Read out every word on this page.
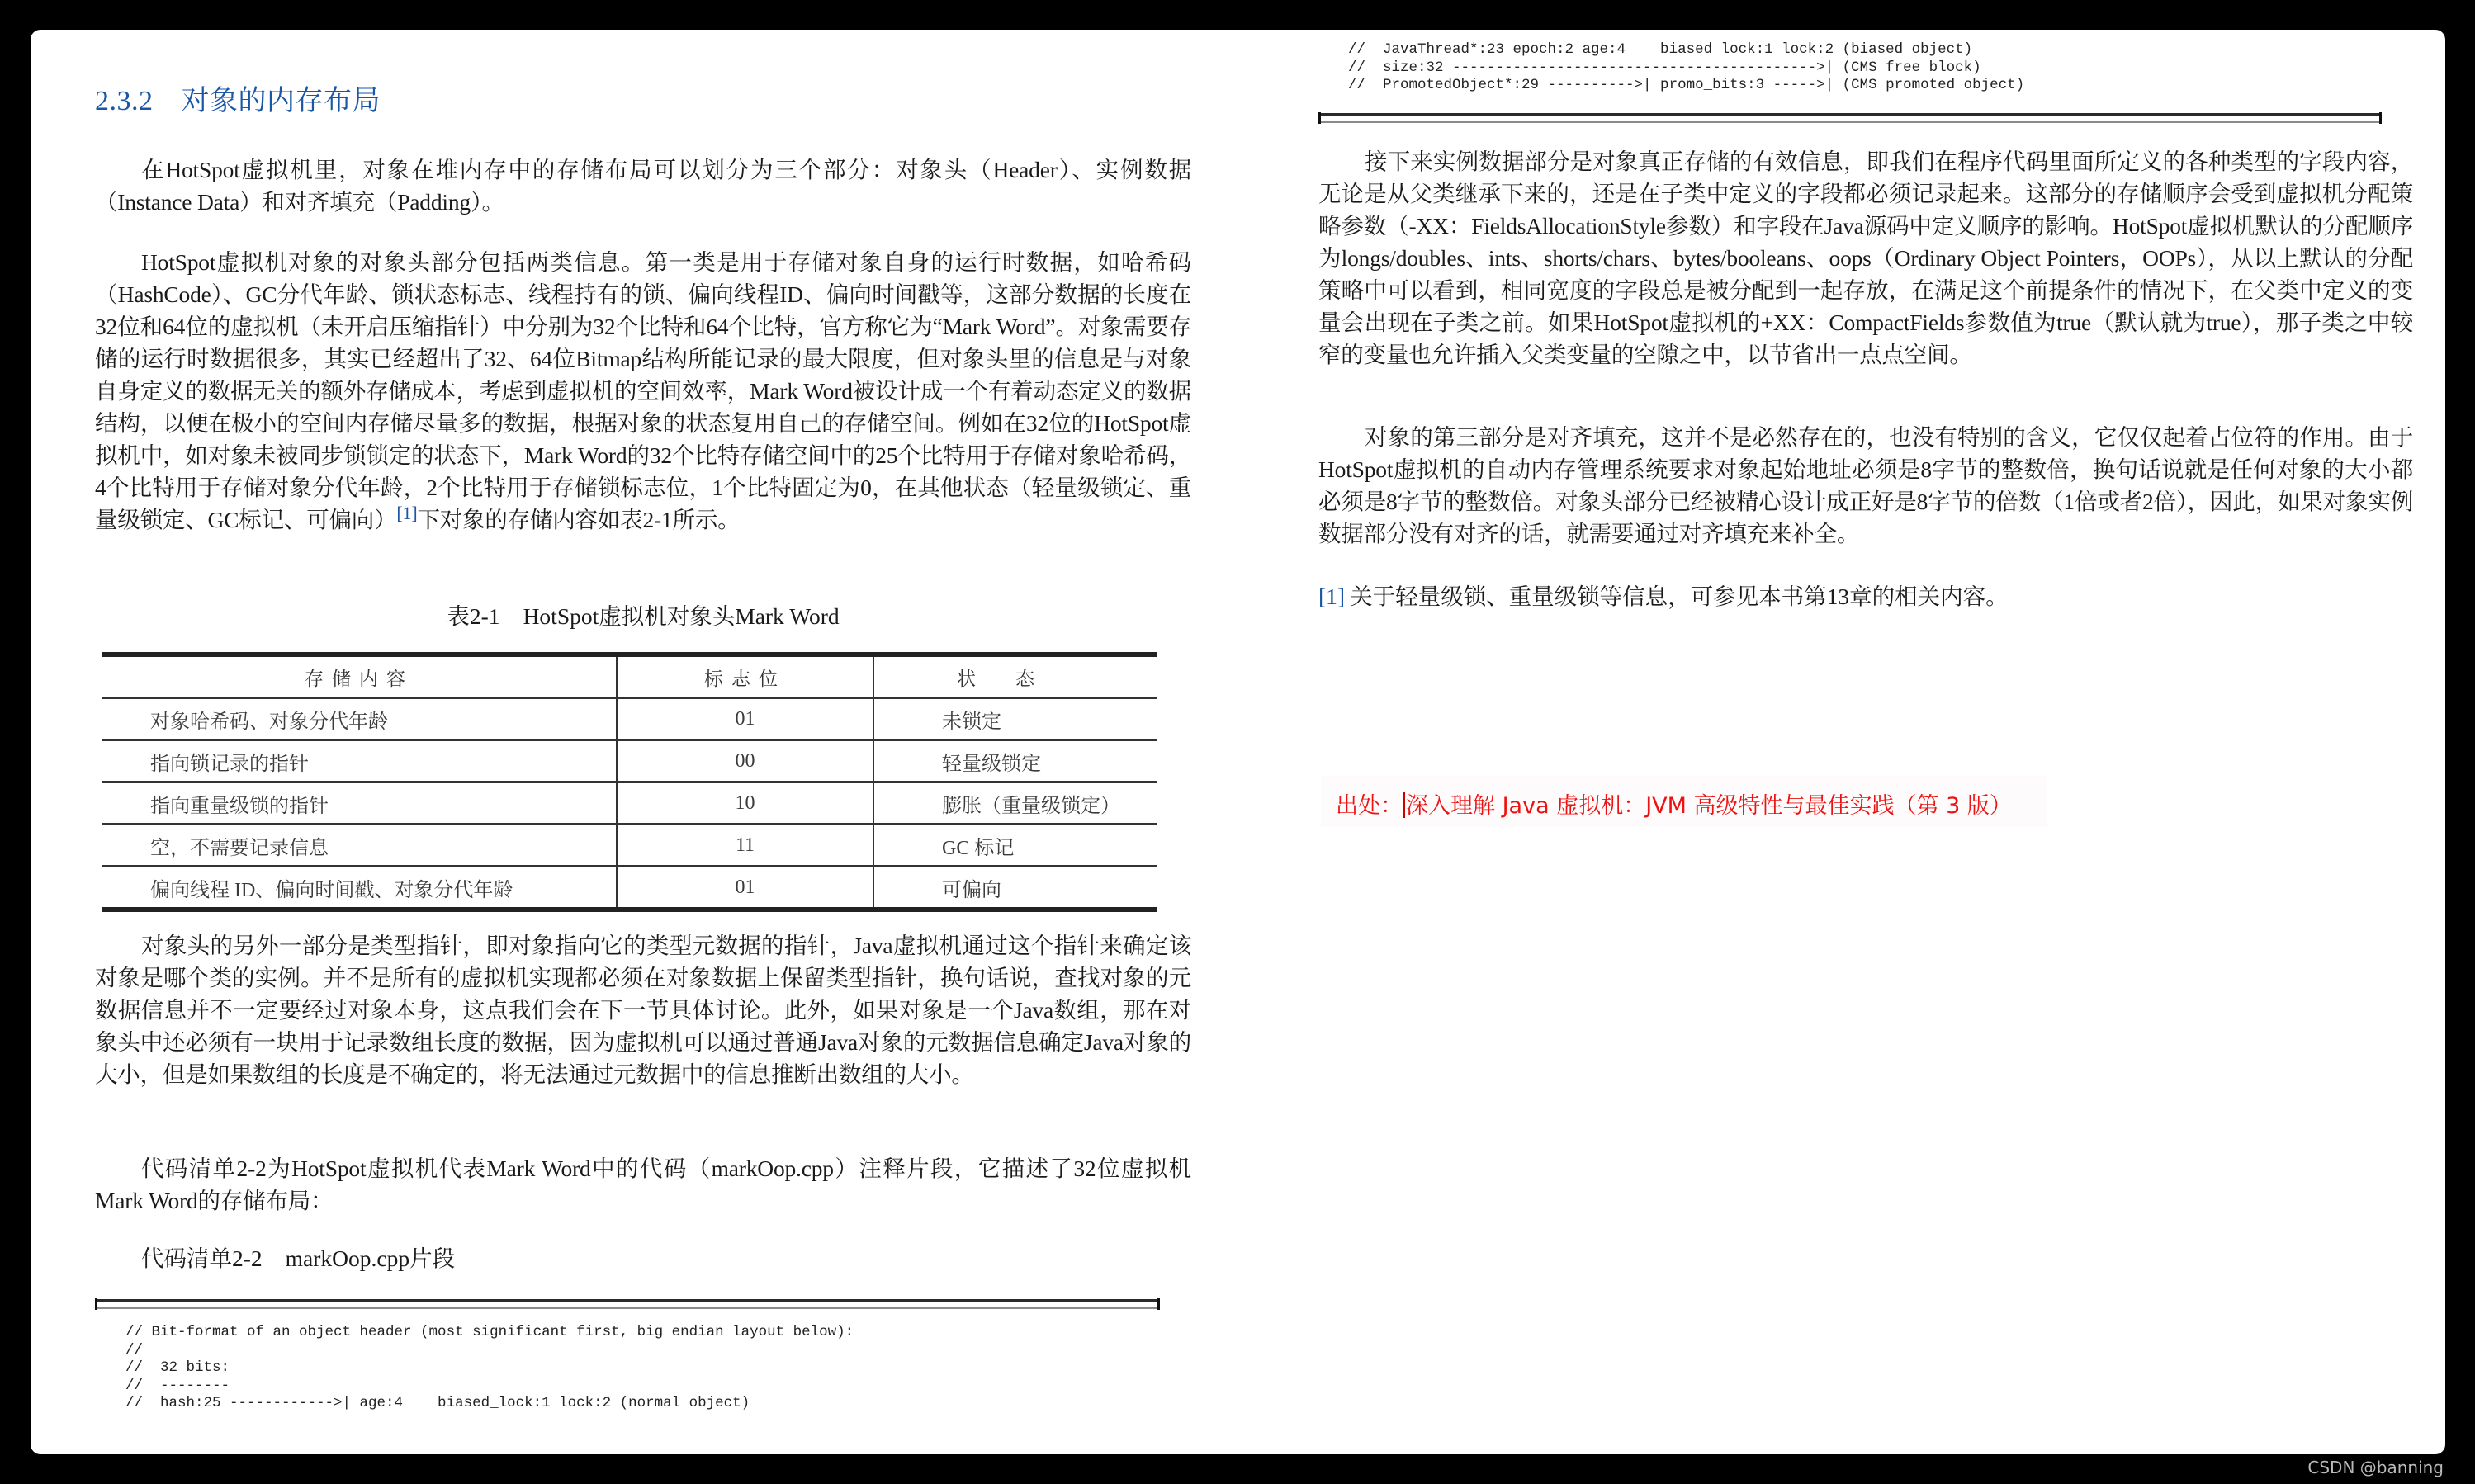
2.3.2 对象的内存布局

在HotSpot虚拟机里，对象在堆内存中的存储布局可以划分为三个部分：对象头（Header）、实例数据（Instance Data）和对齐填充（Padding）。

HotSpot虚拟机对象的对象头部分包括两类信息。第一类是用于存储对象自身的运行时数据，如哈希码（HashCode）、GC分代年龄、锁状态标志、线程持有的锁、偏向线程ID、偏向时间戳等，这部分数据的长度在32位和64位的虚拟机（未开启压缩指针）中分别为32个比特和64个比特，官方称它为“Mark Word”。对象需要存储的运行时数据很多，其实已经超出了32、64位Bitmap结构所能记录的最大限度，但对象头里的信息是与对象自身定义的数据无关的额外存储成本，考虑到虚拟机的空间效率，Mark Word被设计成一个有着动态定义的数据结构，以便在极小的空间内存储尽量多的数据，根据对象的状态复用自己的存储空间。例如在32位的HotSpot虚拟机中，如对象未被同步锁锁定的状态下，Mark Word的32个比特存储空间中的25个比特用于存储对象哈希码，4个比特用于存储对象分代年龄，2个比特用于存储锁标志位，1个比特固定为0，在其他状态（轻量级锁定、重量级锁定、GC标记、可偏向）[1]下对象的存储内容如表2-1所示。

表2-1 HotSpot虚拟机对象头Mark Word

存储内容	标志位	状态
对象哈希码、对象分代年龄	01	未锁定
指向锁记录的指针	00	轻量级锁定
指向重量级锁的指针	10	膨胀（重量级锁定）
空，不需要记录信息	11	GC 标记
偏向线程 ID、偏向时间戳、对象分代年龄	01	可偏向

对象头的另外一部分是类型指针，即对象指向它的类型元数据的指针，Java虚拟机通过这个指针来确定该对象是哪个类的实例。并不是所有的虚拟机实现都必须在对象数据上保留类型指针，换句话说，查找对象的元数据信息并不一定要经过对象本身，这点我们会在下一节具体讨论。此外，如果对象是一个Java数组，那在对象头中还必须有一块用于记录数组长度的数据，因为虚拟机可以通过普通Java对象的元数据信息确定Java对象的大小，但是如果数组的长度是不确定的，将无法通过元数据中的信息推断出数组的大小。

代码清单2-2为HotSpot虚拟机代表Mark Word中的代码（markOop.cpp）注释片段，它描述了32位虚拟机Mark Word的存储布局：

代码清单2-2 markOop.cpp片段

// Bit-format of an object header (most significant first, big endian layout below):
//
//  32 bits:
//  --------
//  hash:25 ------------>| age:4    biased_lock:1 lock:2 (normal object)
//  JavaThread*:23 epoch:2 age:4    biased_lock:1 lock:2 (biased object)
//  size:32 ------------------------------------------>| (CMS free block)
//  PromotedObject*:29 ---------->| promo_bits:3 ----->| (CMS promoted object)

接下来实例数据部分是对象真正存储的有效信息，即我们在程序代码里面所定义的各种类型的字段内容，无论是从父类继承下来的，还是在子类中定义的字段都必须记录起来。这部分的存储顺序会受到虚拟机分配策略参数（-XX：FieldsAllocationStyle参数）和字段在Java源码中定义顺序的影响。HotSpot虚拟机默认的分配顺序为longs/doubles、ints、shorts/chars、bytes/booleans、oops（Ordinary Object Pointers，OOPs），从以上默认的分配策略中可以看到，相同宽度的字段总是被分配到一起存放，在满足这个前提条件的情况下，在父类中定义的变量会出现在子类之前。如果HotSpot虚拟机的+XX：CompactFields参数值为true（默认就为true），那子类之中较窄的变量也允许插入父类变量的空隙之中，以节省出一点点空间。

对象的第三部分是对齐填充，这并不是必然存在的，也没有特别的含义，它仅仅起着占位符的作用。由于HotSpot虚拟机的自动内存管理系统要求对象起始地址必须是8字节的整数倍，换句话说就是任何对象的大小都必须是8字节的整数倍。对象头部分已经被精心设计成正好是8字节的倍数（1倍或者2倍），因此，如果对象实例数据部分没有对齐的话，就需要通过对齐填充来补全。

[1] 关于轻量级锁、重量级锁等信息，可参见本书第13章的相关内容。

出处： 深入理解 Java 虚拟机：JVM 高级特性与最佳实践（第 3 版）
CSDN @banning
